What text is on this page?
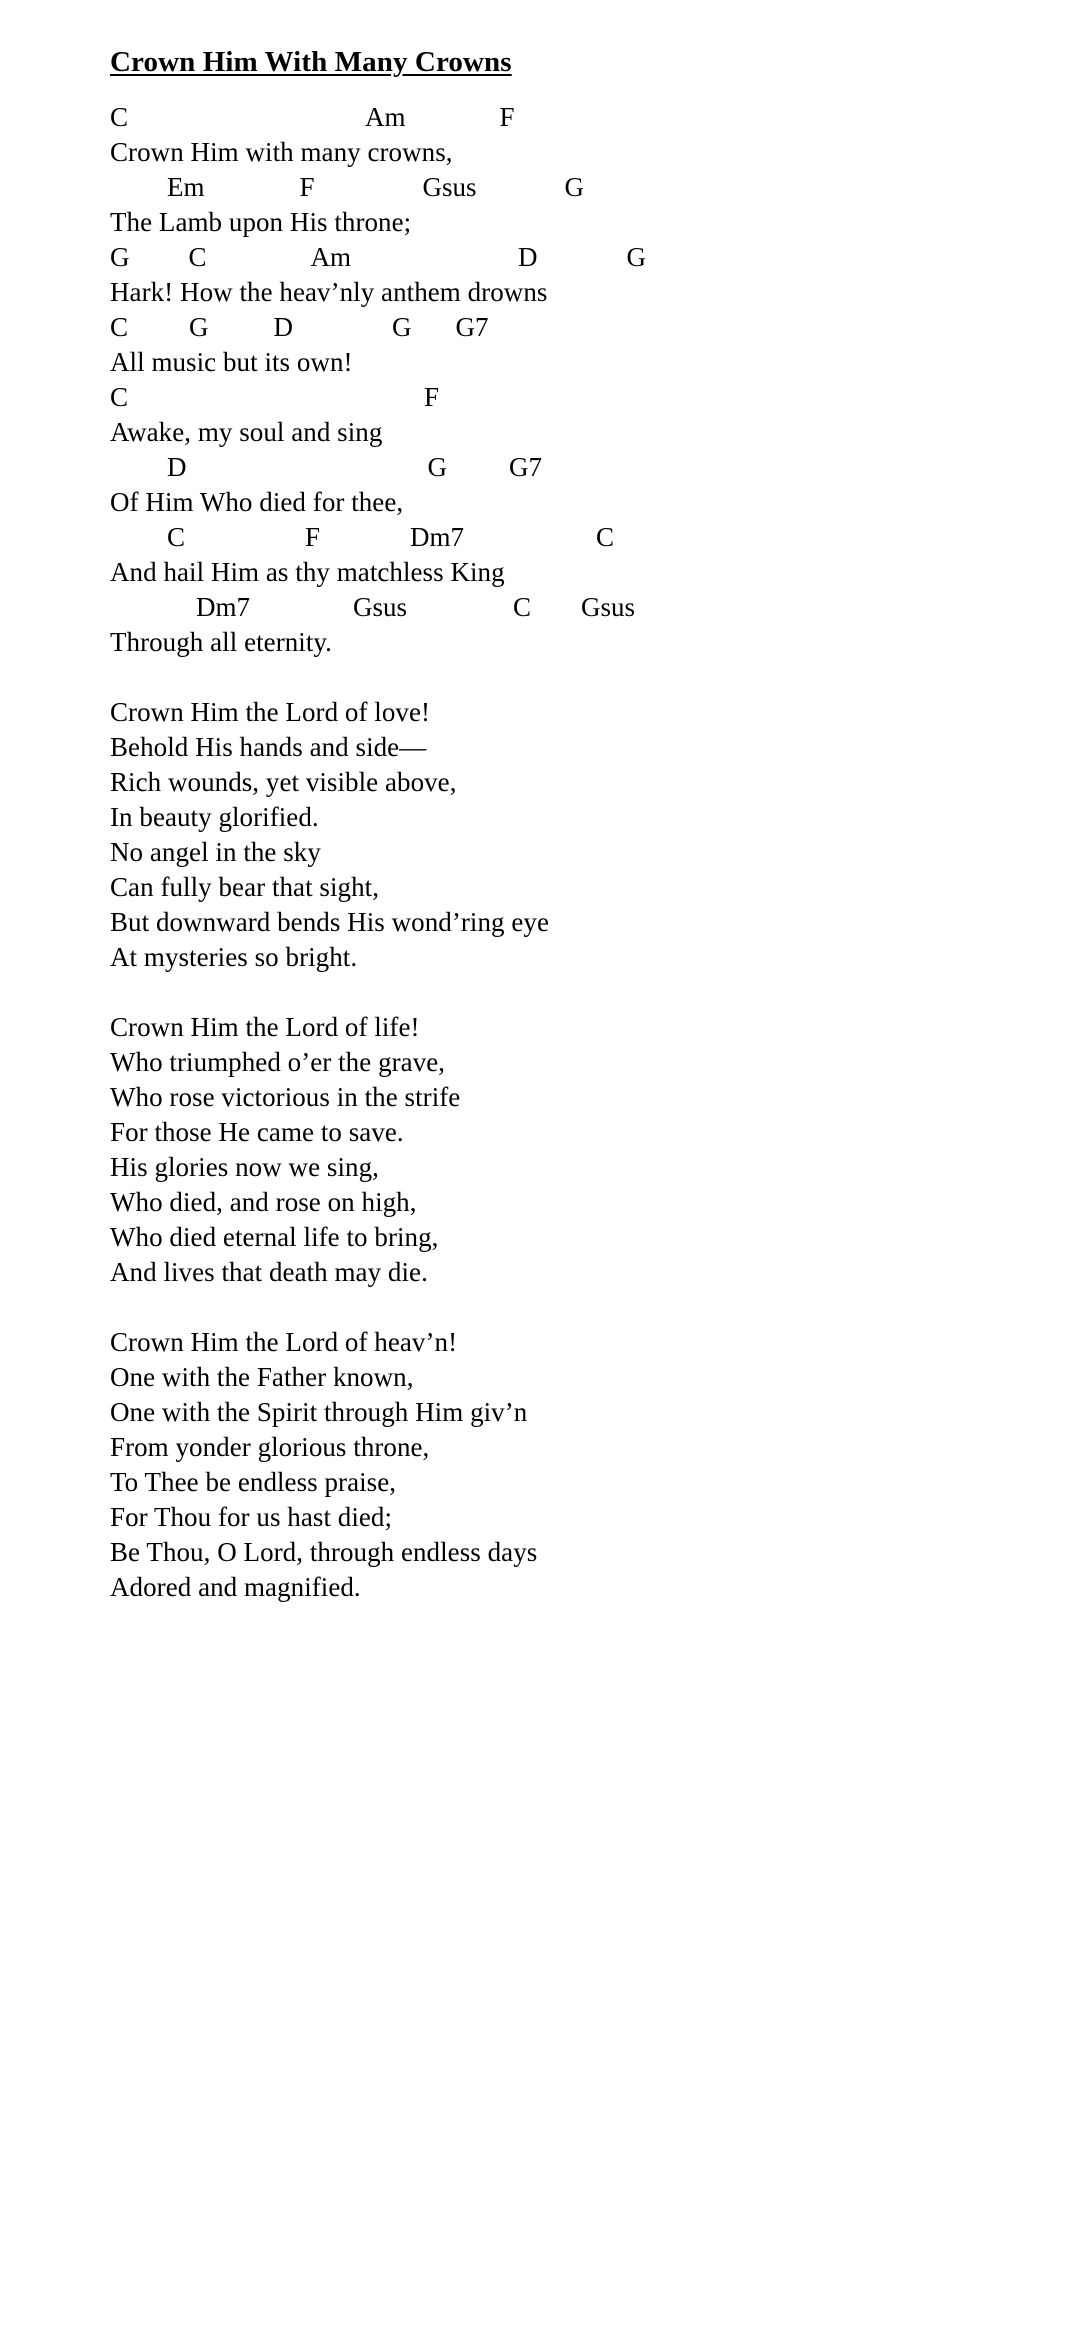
Crown Him With Many Crowns
C	Am	F
Crown Him with many crowns,
Em	F	Gsus	G
The Lamb upon His throne;
G C	Am	D	G
Hark! How the heav’nly anthem drowns
C G D	G G7
All music but its own!
C	F
Awake, my soul and sing
D	G G7
Of Him Who died for thee,
C	F	Dm7	C
And hail Him as thy matchless King
Dm7	Gsus	C Gsus
Through all eternity.
Crown Him the Lord of love!
Behold His hands and side—
Rich wounds, yet visible above,
In beauty glorified.
No angel in the sky
Can fully bear that sight,
But downward bends His wond’ring eye
At mysteries so bright.
Crown Him the Lord of life!
Who triumphed o’er the grave,
Who rose victorious in the strife
For those He came to save.
His glories now we sing,
Who died, and rose on high,
Who died eternal life to bring,
And lives that death may die.
Crown Him the Lord of heav’n!
One with the Father known,
One with the Spirit through Him giv’n
From yonder glorious throne,
To Thee be endless praise,
For Thou for us hast died;
Be Thou, O Lord, through endless days
Adored and magnified.
